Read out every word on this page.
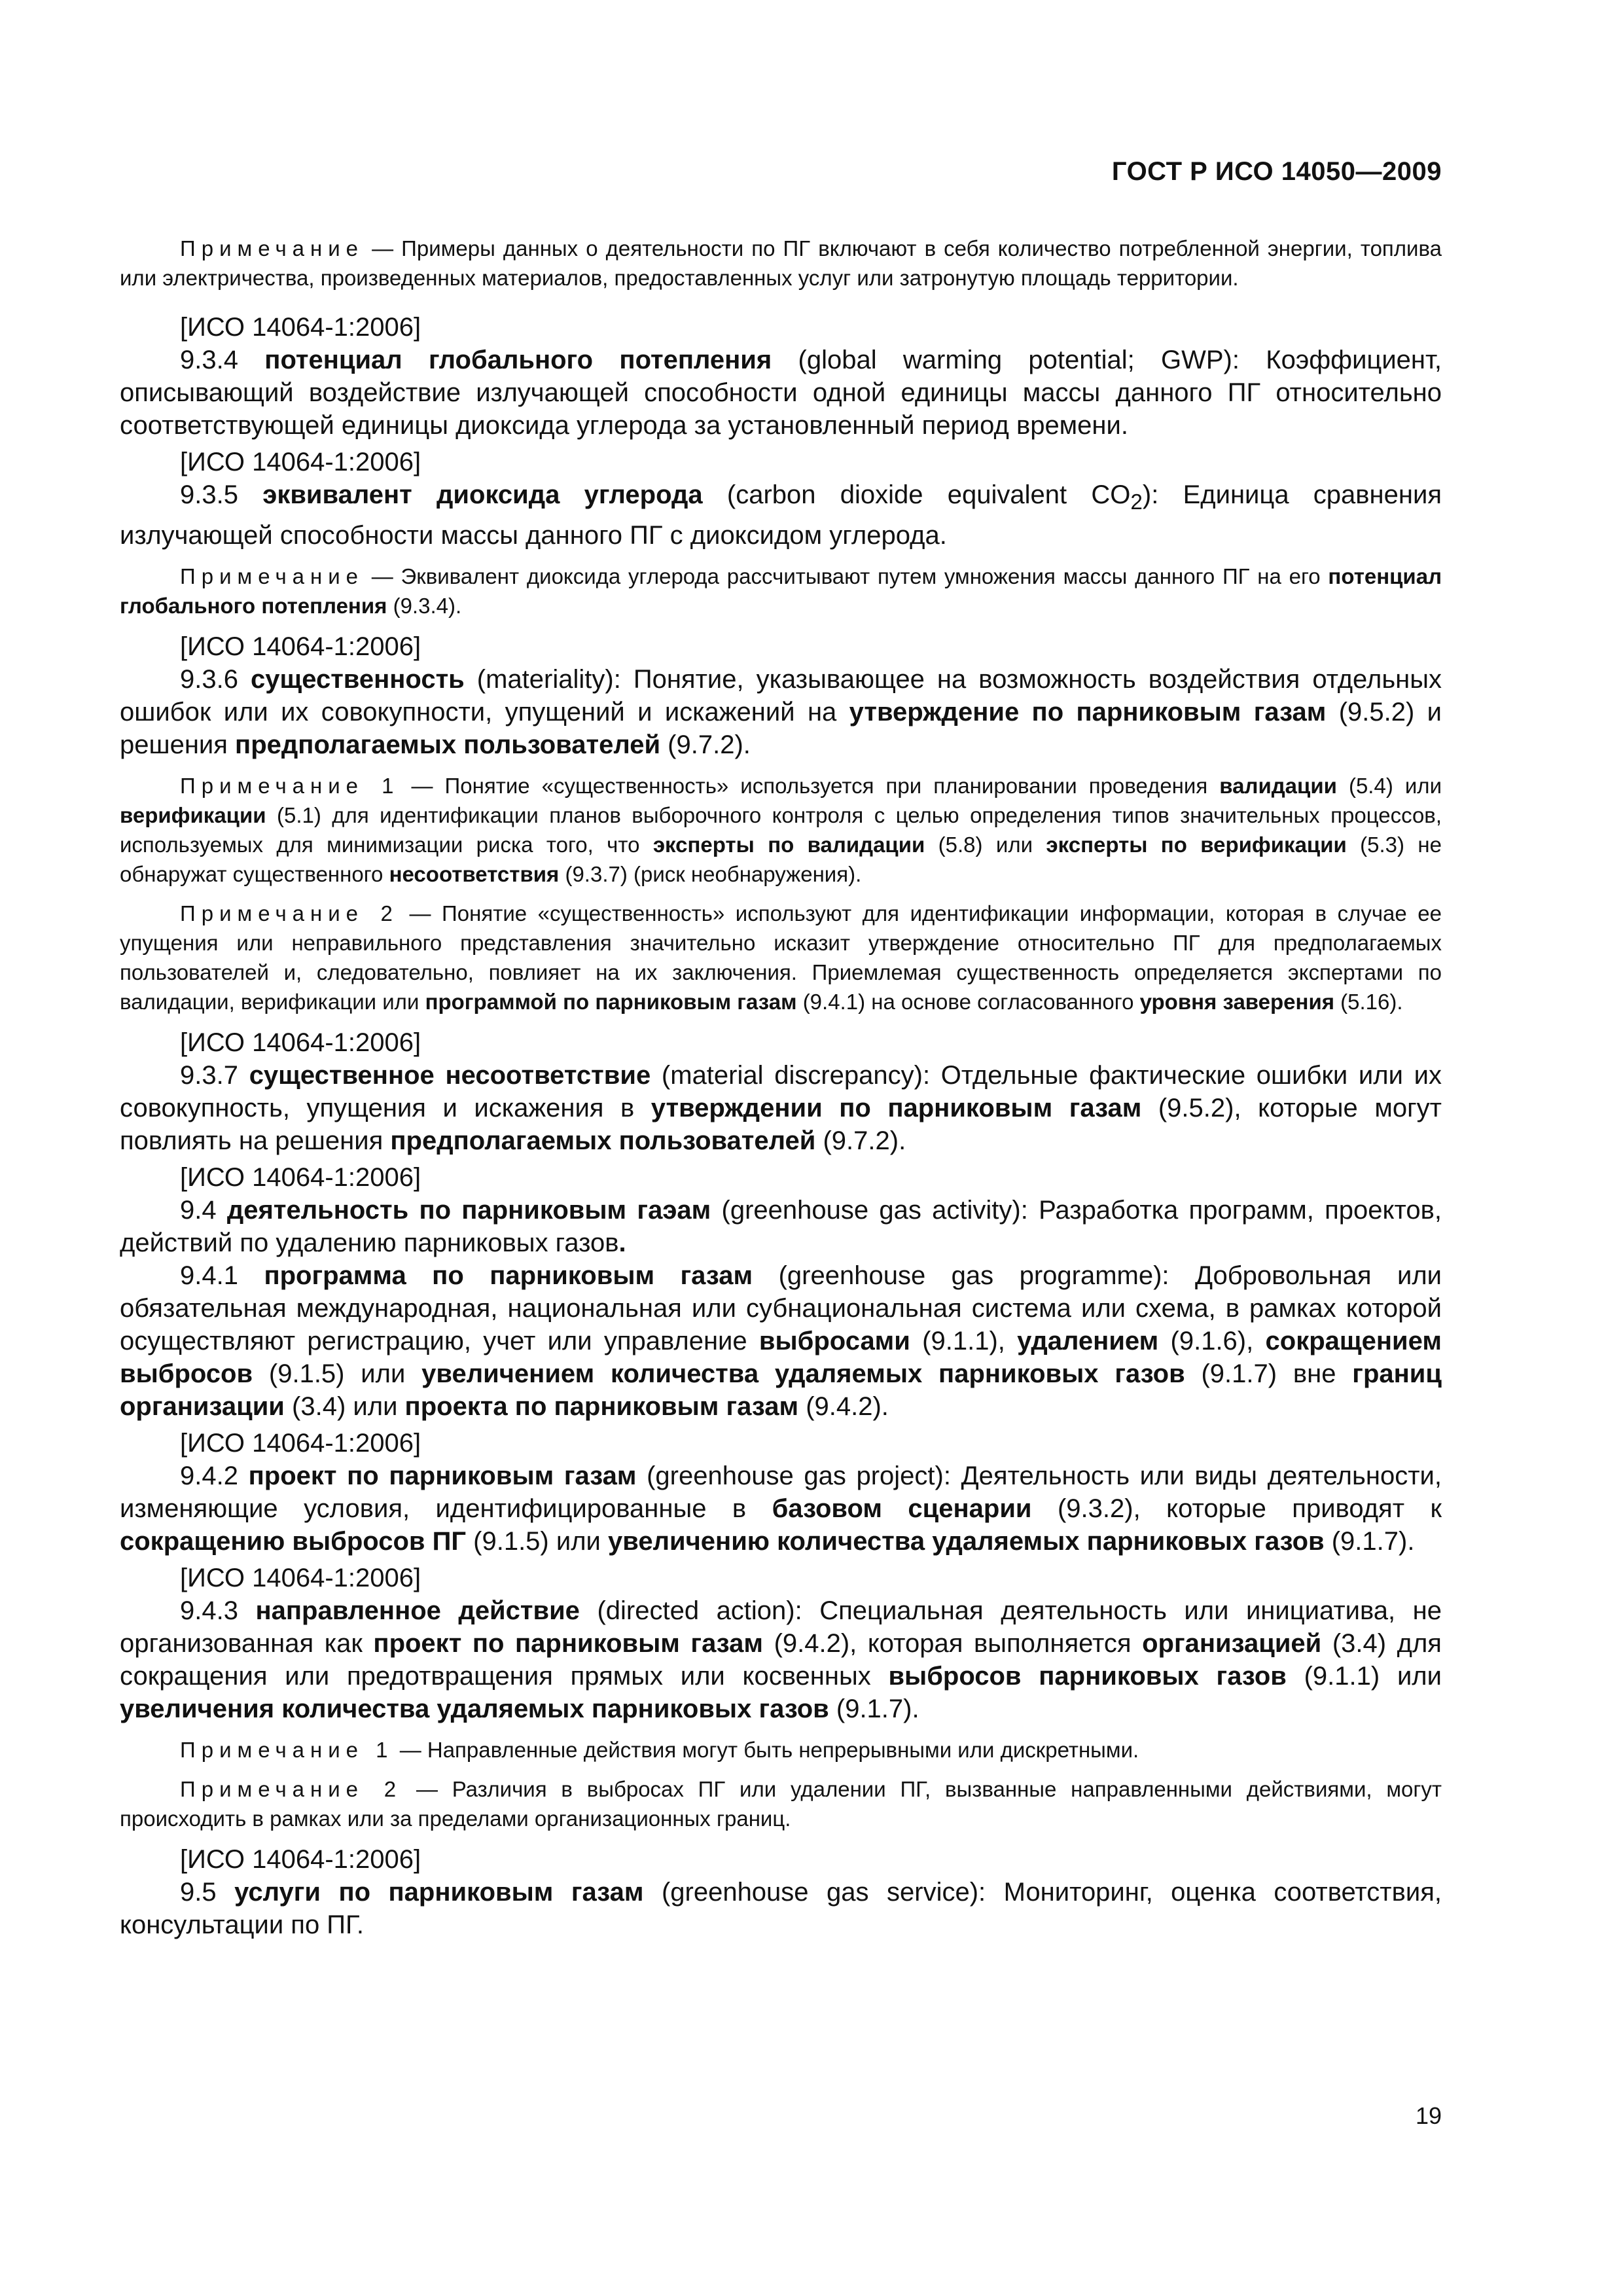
ГОСТ Р ИСО 14050—2009

Примечание — Примеры данных о деятельности по ПГ включают в себя количество потребленной энергии, топлива или электричества, произведенных материалов, предоставленных услуг или затронутую площадь территории.

[ИСО 14064-1:2006]

9.3.4 потенциал глобального потепления (global warming potential; GWP): Коэффициент, описывающий воздействие излучающей способности одной единицы массы данного ПГ относительно соответствующей единицы диоксида углерода за установленный период времени.

[ИСО 14064-1:2006]

9.3.5 эквивалент диоксида углерода (carbon dioxide equivalent $CO_2$): Единица сравнения излучающей способности массы данного ПГ с диоксидом углерода.

Примечание — Эквивалент диоксида углерода рассчитывают путем умножения массы данного ПГ на его потенциал глобального потепления (9.3.4).

[ИСО 14064-1:2006]

9.3.6 существенность (materiality): Понятие, указывающее на возможность воздействия отдельных ошибок или их совокупности, упущений и искажений на утверждение по парниковым газам (9.5.2) и решения предполагаемых пользователей (9.7.2).

Примечание 1 — Понятие «существенность» используется при планировании проведения валидации (5.4) или верификации (5.1) для идентификации планов выборочного контроля с целью определения типов значительных процессов, используемых для минимизации риска того, что эксперты по валидации (5.8) или эксперты по верификации (5.3) не обнаружат существенного несоответствия (9.3.7) (риск необнаружения).

Примечание 2 — Понятие «существенность» используют для идентификации информации, которая в случае ее упущения или неправильного представления значительно исказит утверждение относительно ПГ для предполагаемых пользователей и, следовательно, повлияет на их заключения. Приемлемая существенность определяется экспертами по валидации, верификации или программой по парниковым газам (9.4.1) на основе согласованного уровня заверения (5.16).

[ИСО 14064-1:2006]

9.3.7 существенное несоответствие (material discrepancy): Отдельные фактические ошибки или их совокупность, упущения и искажения в утверждении по парниковым газам (9.5.2), которые могут повлиять на решения предполагаемых пользователей (9.7.2).

[ИСО 14064-1:2006]

9.4 деятельность по парниковым гаэам (greenhouse gas activity): Разработка программ, проектов, действий по удалению парниковых газов.

9.4.1 программа по парниковым газам (greenhouse gas programme): Добровольная или обязательная международная, национальная или субнациональная система или схема, в рамках которой осуществляют регистрацию, учет или управление выбросами (9.1.1), удалением (9.1.6), сокращением выбросов (9.1.5) или увеличением количества удаляемых парниковых газов (9.1.7) вне границ организации (3.4) или проекта по парниковым газам (9.4.2).

[ИСО 14064-1:2006]

9.4.2 проект по парниковым газам (greenhouse gas project): Деятельность или виды деятельности, изменяющие условия, идентифицированные в базовом сценарии (9.3.2), которые приводят к сокращению выбросов ПГ (9.1.5) или увеличению количества удаляемых парниковых газов (9.1.7).

[ИСО 14064-1:2006]

9.4.3 направленное действие (directed action): Специальная деятельность или инициатива, не организованная как проект по парниковым газам (9.4.2), которая выполняется организацией (3.4) для сокращения или предотвращения прямых или косвенных выбросов парниковых газов (9.1.1) или увеличения количества удаляемых парниковых газов (9.1.7).

Примечание 1 — Направленные действия могут быть непрерывными или дискретными.

Примечание 2 — Различия в выбросах ПГ или удалении ПГ, вызванные направленными действиями, могут происходить в рамках или за пределами организационных границ.

[ИСО 14064-1:2006]

9.5 услуги по парниковым газам (greenhouse gas service): Мониторинг, оценка соответствия, консультации по ПГ.

19
